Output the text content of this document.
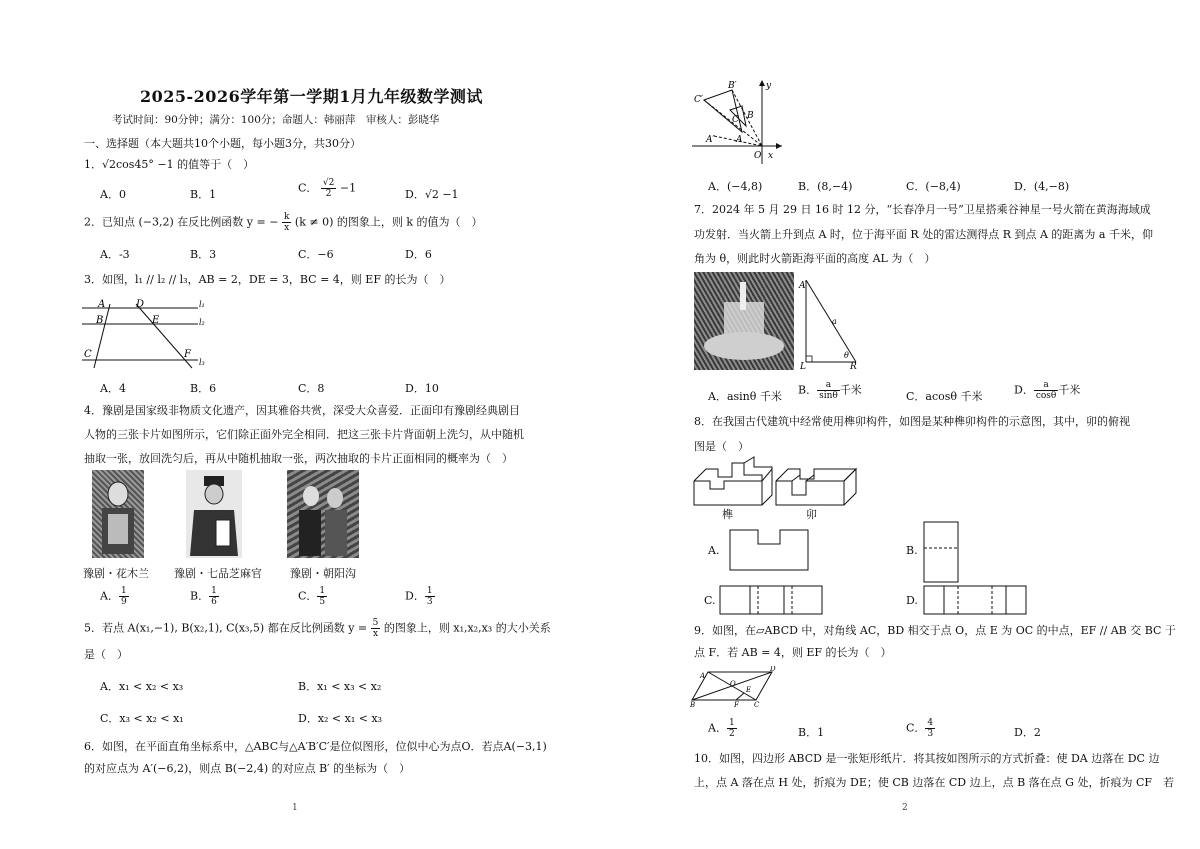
2025-2026学年第一学期1月九年级数学测试
考试时间：90分钟；满分：100分；命题人：韩丽萍　审核人：彭晓华
一、选择题（本大题共10个小题，每小题3分，共30分）
1．√2cos45° −1 的值等于（　）
A．0	B．1	C． $\frac{√2}{2} -1$	D．√2 −1
2．已知点 (−3,2) 在反比例函数 y = − $\frac{k}{x} (k \ne 0)$ 的图象上，则 k 的值为（　）
A．-3	B．3	C．−6	D．6
3．如图，l₁ // l₂ // l₃，AB = 2，DE = 3，BC = 4，则 EF 的长为（　）
A	D
B	E
C	F
l₁
l₂
l₃
A．4	B．6	C．8	D．10
4．豫剧是国家级非物质文化遗产，因其雅俗共赏，深受大众喜爱．正面印有豫剧经典剧目
人物的三张卡片如图所示，它们除正面外完全相同．把这三张卡片背面朝上洗匀，从中随机
抽取一张，放回洗匀后，再从中随机抽取一张，两次抽取的卡片正面相同的概率为（　）
豫剧・花木兰 豫剧・七品芝麻官	豫剧・朝阳沟
A． $\frac{1}{9}$	B． $\frac{1}{6}$	C． $\frac{1}{5}$	D． $\frac{1}{3}$
5．若点 A(x₁,−1), B(x₂,1), C(x₃,5) 都在反比例函数 $y = \frac{5}{x}$ 的图象上，则 x₁,x₂,x₃ 的大小关系
是（　）
A．x₁ < x₂ < x₃	B．x₁ < x₃ < x₂
C．x₃ < x₂ < x₁	D．x₂ < x₁ < x₃
6．如图，在平面直角坐标系中，△ABC与△A′B′C′是位似图形，位似中心为点O．若点A(−3,1)
的对应点为 A′(−6,2)，则点 B(−2,4) 的对应点 B′ 的坐标为（　）
1
C′
B′
B
C
A′ A
O x
y
A．(−4,8)	B．(8,−4)	C．(−8,4)	D．(4,−8)
7．2024 年 5 月 29 日 16 时 12 分，“长春净月一号”卫星搭乘谷神星一号火箭在黄海海域成
功发射．当火箭上升到点 A 时，位于海平面 R 处的雷达测得点 R 到点 A 的距离为 a 千米，仰
角为 θ，则此时火箭距海平面的高度 AL 为（　）
A
a
θ
L	R
A．asinθ 千米 B． $\frac{a}{\sin\theta}$ 千米	C．acosθ 千米	D． $\frac{a}{\cos\theta}$ 千米
8．在我国古代建筑中经常使用榫卯构件，如图是某种榫卯构件的示意图，其中，卯的俯视
图是（　）
榫	卯
A.	B.
C.	D.
9．如图，在▱ABCD 中，对角线 AC，BD 相交于点 O，点 E 为 OC 的中点，EF // AB 交 BC 于
点 F．若 AB = 4，则 EF 的长为（　）
A
D
O
E
B	F C
A． $\frac{1}{2}$	B．1	C． $\frac{4}{3}$	D．2
10．如图，四边形 ABCD 是一张矩形纸片．将其按如图所示的方式折叠：使 DA 边落在 DC 边
上，点 A 落在点 H 处，折痕为 DE；使 CB 边落在 CD 边上，点 B 落在点 G 处，折痕为 CF　若
2
